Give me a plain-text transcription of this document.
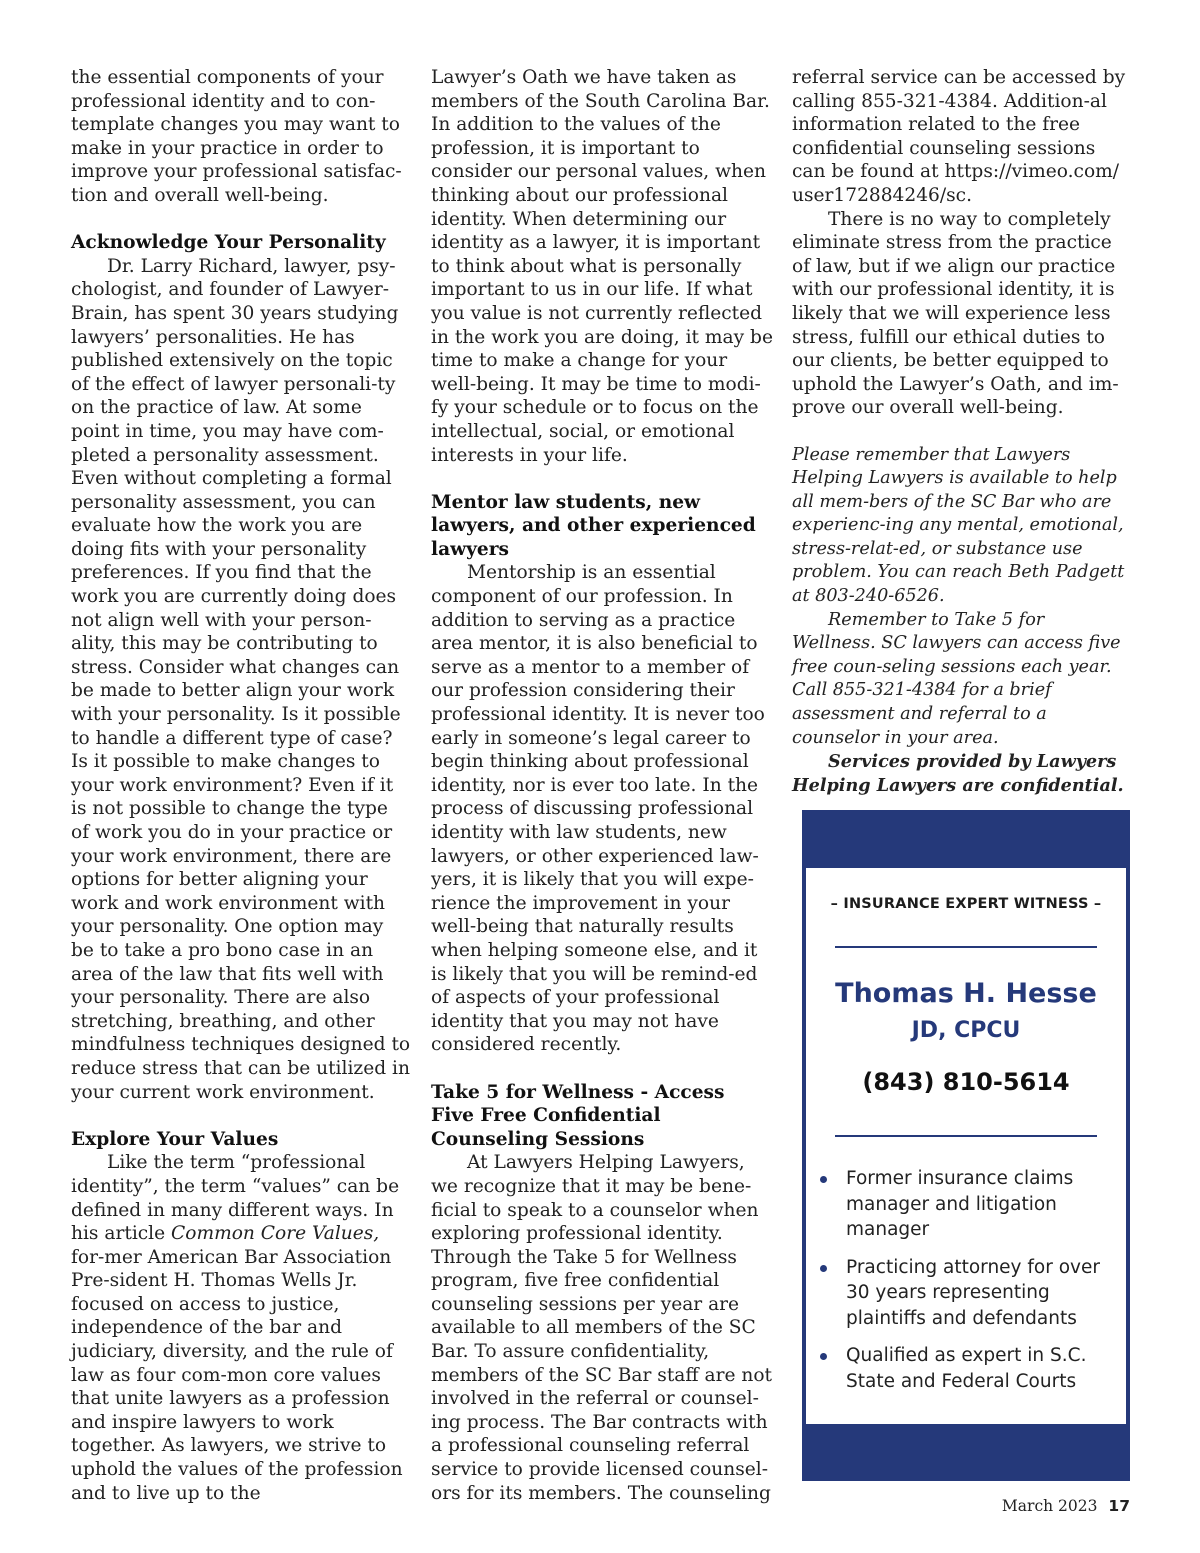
the essential components of your professional identity and to con-template changes you may want to make in your practice in order to improve your professional satisfac-tion and overall well-being.

Acknowledge Your Personality

Dr. Larry Richard, lawyer, psy-chologist, and founder of Lawyer-Brain, has spent 30 years studying lawyers’ personalities. He has published extensively on the topic of the effect of lawyer personali-ty on the practice of law. At some point in time, you may have com-pleted a personality assessment. Even without completing a formal personality assessment, you can evaluate how the work you are doing fits with your personality preferences. If you find that the work you are currently doing does not align well with your person-ality, this may be contributing to stress. Consider what changes can be made to better align your work with your personality. Is it possible to handle a different type of case? Is it possible to make changes to your work environment? Even if it is not possible to change the type of work you do in your practice or your work environment, there are options for better aligning your work and work environment with your personality. One option may be to take a pro bono case in an area of the law that fits well with your personality. There are also stretching, breathing, and other mindfulness techniques designed to reduce stress that can be utilized in your current work environment.

Explore Your Values

Like the term “professional identity”, the term “values” can be defined in many different ways. In his article Common Core Values, for-mer American Bar Association Pre-sident H. Thomas Wells Jr. focused on access to justice, independence of the bar and judiciary, diversity, and the rule of law as four com-mon core values that unite lawyers as a profession and inspire lawyers to work together. As lawyers, we strive to uphold the values of the profession and to live up to the

Lawyer’s Oath we have taken as members of the South Carolina Bar. In addition to the values of the profession, it is important to consider our personal values, when thinking about our professional identity. When determining our identity as a lawyer, it is important to think about what is personally important to us in our life. If what you value is not currently reflected in the work you are doing, it may be time to make a change for your well-being. It may be time to modi-fy your schedule or to focus on the intellectual, social, or emotional interests in your life.

Mentor law students, new lawyers, and other experienced lawyers

Mentorship is an essential component of our profession. In addition to serving as a practice area mentor, it is also beneficial to serve as a mentor to a member of our profession considering their professional identity. It is never too early in someone’s legal career to begin thinking about professional identity, nor is ever too late. In the process of discussing professional identity with law students, new lawyers, or other experienced law-yers, it is likely that you will expe-rience the improvement in your well-being that naturally results when helping someone else, and it is likely that you will be remind-ed of aspects of your professional identity that you may not have considered recently.

Take 5 for Wellness - Access Five Free Confidential Counseling Sessions

At Lawyers Helping Lawyers, we recognize that it may be bene-ficial to speak to a counselor when exploring professional identity. Through the Take 5 for Wellness program, five free confidential counseling sessions per year are available to all members of the SC Bar. To assure confidentiality, members of the SC Bar staff are not involved in the referral or counsel-ing process. The Bar contracts with a professional counseling referral service to provide licensed counsel-ors for its members. The counseling

referral service can be accessed by calling 855-321-4384. Addition-al information related to the free confidential counseling sessions can be found at https://vimeo.com/ user172884246/sc.

There is no way to completely eliminate stress from the practice of law, but if we align our practice with our professional identity, it is likely that we will experience less stress, fulfill our ethical duties to our clients, be better equipped to uphold the Lawyer’s Oath, and im-prove our overall well-being.

Please remember that Lawyers Helping Lawyers is available to help all mem-bers of the SC Bar who are experienc-ing any mental, emotional, stress-relat-ed, or substance use problem. You can reach Beth Padgett at 803-240-6526.

Remember to Take 5 for Wellness. SC lawyers can access five free coun-seling sessions each year. Call 855-321-4384 for a brief assessment and referral to a counselor in your area.

Services provided by Lawyers Helping Lawyers are confidential.

– INSURANCE EXPERT WITNESS –
Thomas H. Hesse
JD, CPCU
(843) 810-5614
Former insurance claims manager and litigation manager
Practicing attorney for over 30 years representing plaintiffs and defendants
Qualified as expert in S.C. State and Federal Courts
March 2023 17
